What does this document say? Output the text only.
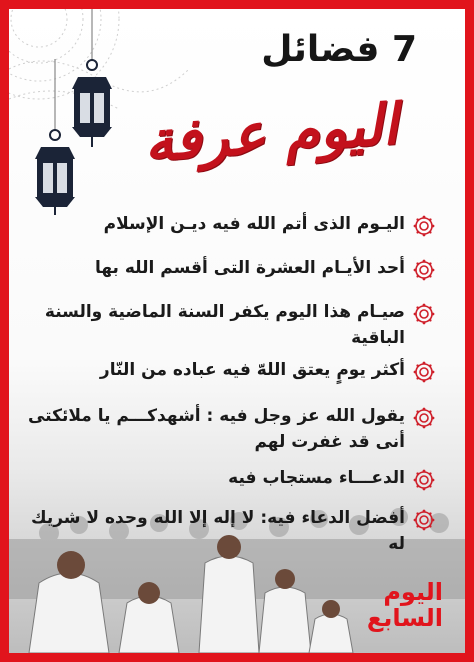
7 فضائل
اليوم عرفة
اليـوم الذى أتم الله فيه ديـن الإسلام
أحد الأيـام العشرة التى أقسم الله بها
صيـام هذا اليوم يكفر السنة الماضية والسنة الباقية
أكثر يومٍ يعتق اللهّ فيه عباده من النّار
يقول الله عز وجل فيه : أشهدكـــم يا ملائكتى أنى قد غفرت لهم
الدعـــاء مستجاب فيه
أفضل الدعاء فيه: لا إله إلا الله وحده لا شريك له
اليوم
السابع
